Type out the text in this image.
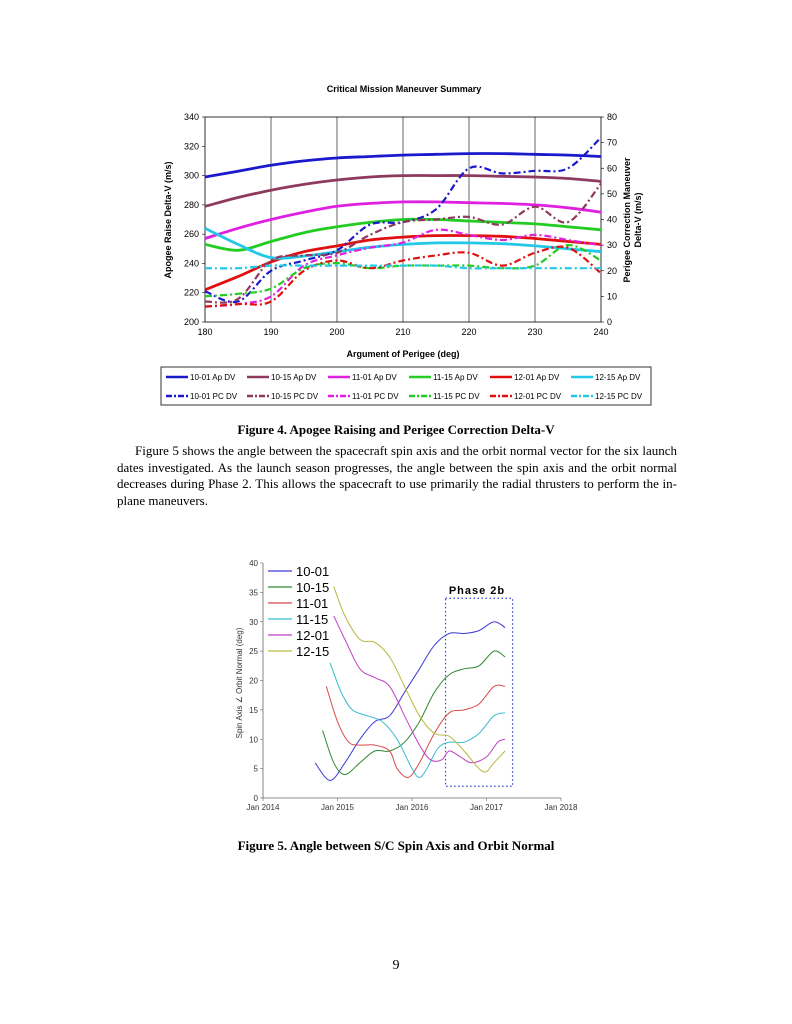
Critical Mission Maneuver Summary
180	190	200	210	220	230	240
200
220
240
260
280
300
320
340
0
10
20
30
40
50
60
70
80
Argument of Perigee (deg)
Apogee Raise Delta-V (m/s)	Perigee Correction Maneuver Delta-V (m/s)
10-01 Ap DV	10-15 Ap DV	11-01 Ap DV	11-15 Ap DV	12-01 Ap DV	12-15 Ap DV
10-01 PC DV	10-15 PC DV	11-01 PC DV	11-15 PC DV	12-01 PC DV	12-15 PC DV
Figure 4. Apogee Raising and Perigee Correction Delta-V
Figure 5 shows the angle between the spacecraft spin axis and the orbit normal vector for the six launch dates investigated. As the launch season progresses, the angle between the spin axis and the orbit normal decreases during Phase 2. This allows the spacecraft to use primarily the radial thrusters to perform the in-plane maneuvers.
0
5
10
15
20
25
30
35
40
Jan 2014	Jan 2015	Jan 2016	Jan 2017	Jan 2018
10-01
10-15
11-01
11-15
12-01
12-15
Phase 2b
Spin Axis ∠ Orbit Normal (deg)
Figure 5. Angle between S/C Spin Axis and Orbit Normal
9
